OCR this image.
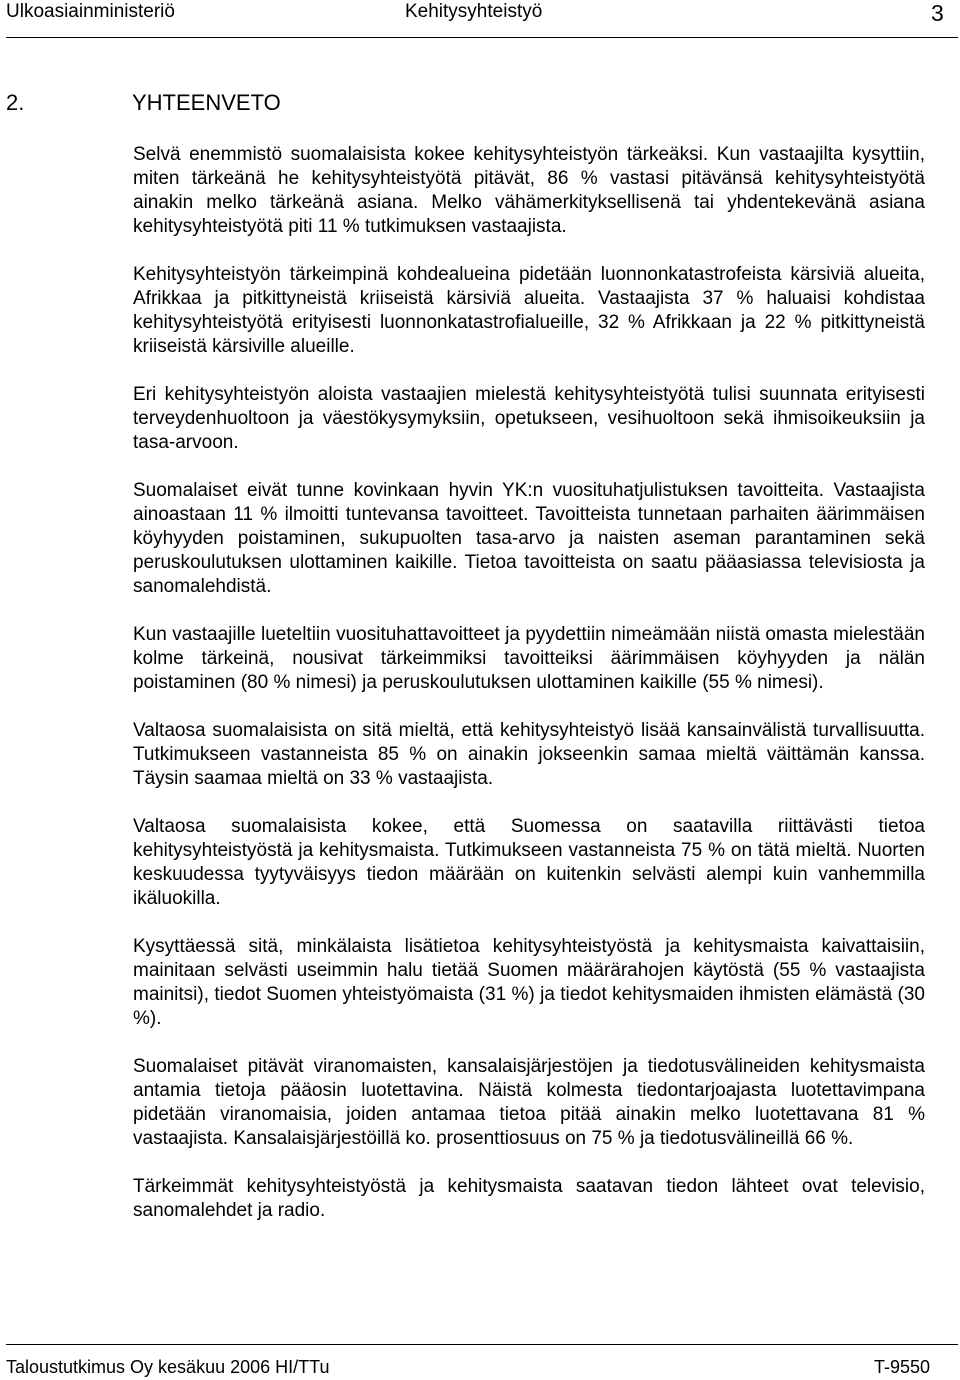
Ulkoasiainministeriö	Kehitysyhteistyö	3
2.	YHTEENVETO

Selvä enemmistö suomalaisista kokee kehitysyhteistyön tärkeäksi. Kun vastaajilta kysyttiin, miten tärkeänä he kehitysyhteistyötä pitävät, 86 % vastasi pitävänsä kehitysyhteistyötä ainakin melko tärkeänä asiana. Melko vähämerkityksellisenä tai yhdentekevänä asiana kehitysyhteistyötä piti 11 % tutkimuksen vastaajista.

Kehitysyhteistyön tärkeimpinä kohdealueina pidetään luonnonkatastrofeista kärsiviä alueita, Afrikkaa ja pitkittyneistä kriiseistä kärsiviä alueita. Vastaajista 37 % haluaisi kohdistaa kehitysyhteistyötä erityisesti luonnonkatastrofialueille, 32 % Afrikkaan ja 22 % pitkittyneistä kriiseistä kärsiville alueille.

Eri kehitysyhteistyön aloista vastaajien mielestä kehitysyhteistyötä tulisi suunnata erityisesti terveydenhuoltoon ja väestökysymyksiin, opetukseen, vesihuoltoon sekä ihmisoikeuksiin ja tasa-arvoon.

Suomalaiset eivät tunne kovinkaan hyvin YK:n vuosituhatjulistuksen tavoitteita. Vastaajista ainoastaan 11 % ilmoitti tuntevansa tavoitteet. Tavoitteista tunnetaan parhaiten äärimmäisen köyhyyden poistaminen, sukupuolten tasa-arvo ja naisten aseman parantaminen sekä peruskoulutuksen ulottaminen kaikille. Tietoa tavoitteista on saatu pääasiassa televisiosta ja sanomalehdistä.

Kun vastaajille lueteltiin vuosituhattavoitteet ja pyydettiin nimeämään niistä omasta mielestään kolme tärkeinä, nousivat tärkeimmiksi tavoitteiksi äärimmäisen köyhyyden ja nälän poistaminen (80 % nimesi) ja peruskoulutuksen ulottaminen kaikille (55 % nimesi).

Valtaosa suomalaisista on sitä mieltä, että kehitysyhteistyö lisää kansainvälistä turvallisuutta. Tutkimukseen vastanneista 85 % on ainakin jokseenkin samaa mieltä väittämän kanssa. Täysin saamaa mieltä on 33 % vastaajista.

Valtaosa suomalaisista kokee, että Suomessa on saatavilla riittävästi tietoa kehitysyhteistyöstä ja kehitysmaista. Tutkimukseen vastanneista 75 % on tätä mieltä. Nuorten keskuudessa tyytyväisyys tiedon määrään on kuitenkin selvästi alempi kuin vanhemmilla ikäluokilla.

Kysyttäessä sitä, minkälaista lisätietoa kehitysyhteistyöstä ja kehitysmaista kaivattaisiin, mainitaan selvästi useimmin halu tietää Suomen määrärahojen käytöstä (55 % vastaajista mainitsi), tiedot Suomen yhteistyömaista (31 %) ja tiedot kehitysmaiden ihmisten elämästä (30 %).

Suomalaiset pitävät viranomaisten, kansalaisjärjestöjen ja tiedotusvälineiden kehitysmaista antamia tietoja pääosin luotettavina. Näistä kolmesta tiedontarjoajasta luotettavimpana pidetään viranomaisia, joiden antamaa tietoa pitää ainakin melko luotettavana 81 % vastaajista. Kansalaisjärjestöillä ko. prosenttiosuus on 75 % ja tiedotusvälineillä 66 %.

Tärkeimmät kehitysyhteistyöstä ja kehitysmaista saatavan tiedon lähteet ovat televisio, sanomalehdet ja radio.

Taloustutkimus Oy kesäkuu 2006 HI/TTu	T-9550
